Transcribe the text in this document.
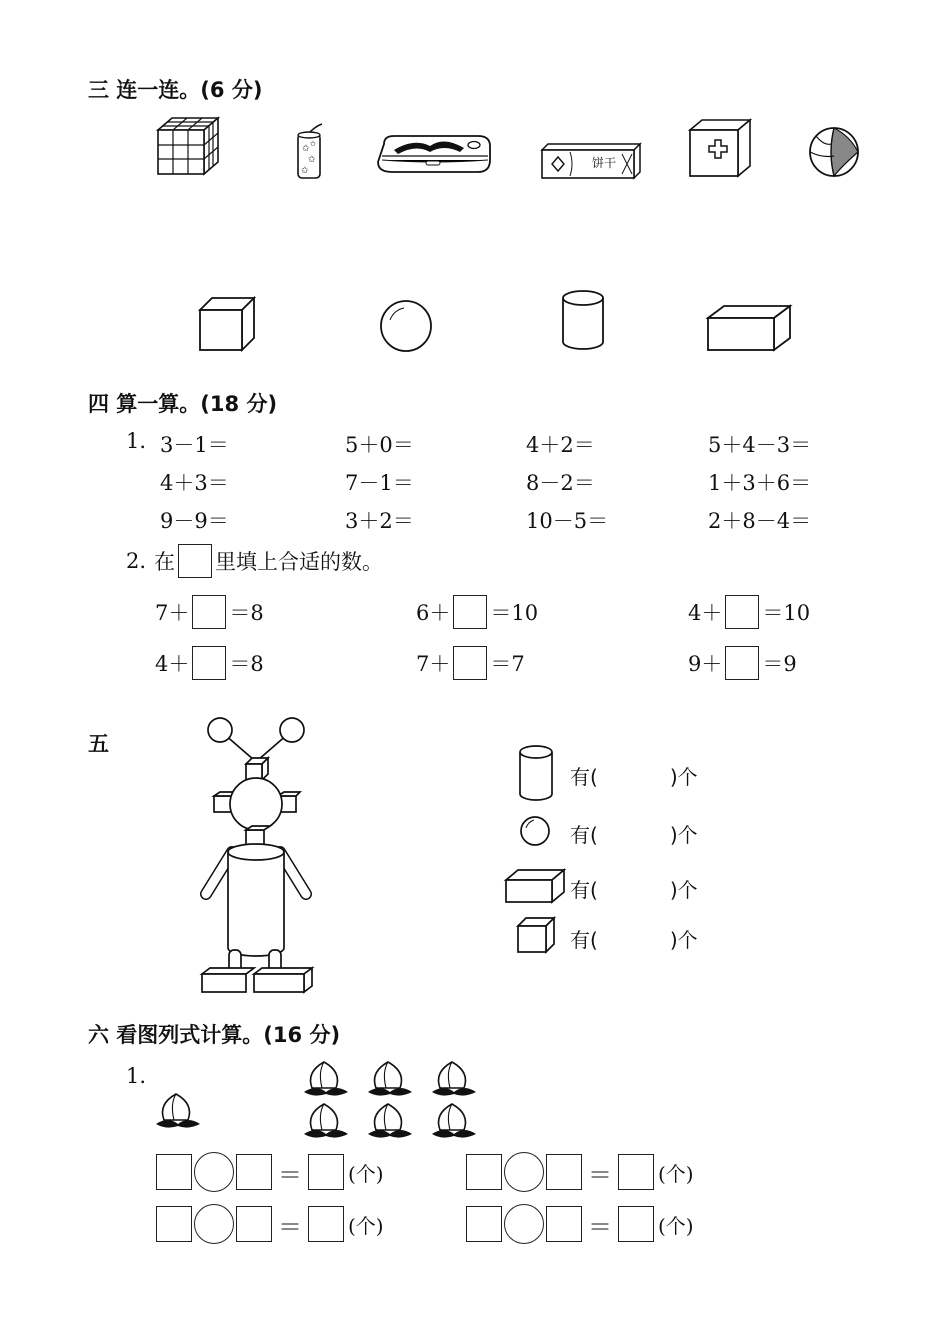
三 连一连。(6 分)
✩
✩
✩
✩
饼干
四 算一算。(18 分)
1. 3－1＝	5＋0＝	4＋2＝	5＋4－3＝
4＋3＝	7－1＝	8－2＝	1＋3＋6＝
9－9＝	3＋2＝	10－5＝	2＋8－4＝
2. 在 里填上合适的数。
7＋ ＝8	6＋ ＝10	4＋ ＝10
4＋ ＝8	7＋ ＝7	9＋ ＝9
五
有(	)个
有(	)个
有(	)个
有(	)个
六 看图列式计算。(16 分)
1.
＝ (个)	＝ (个)
＝ (个)	＝ (个)
